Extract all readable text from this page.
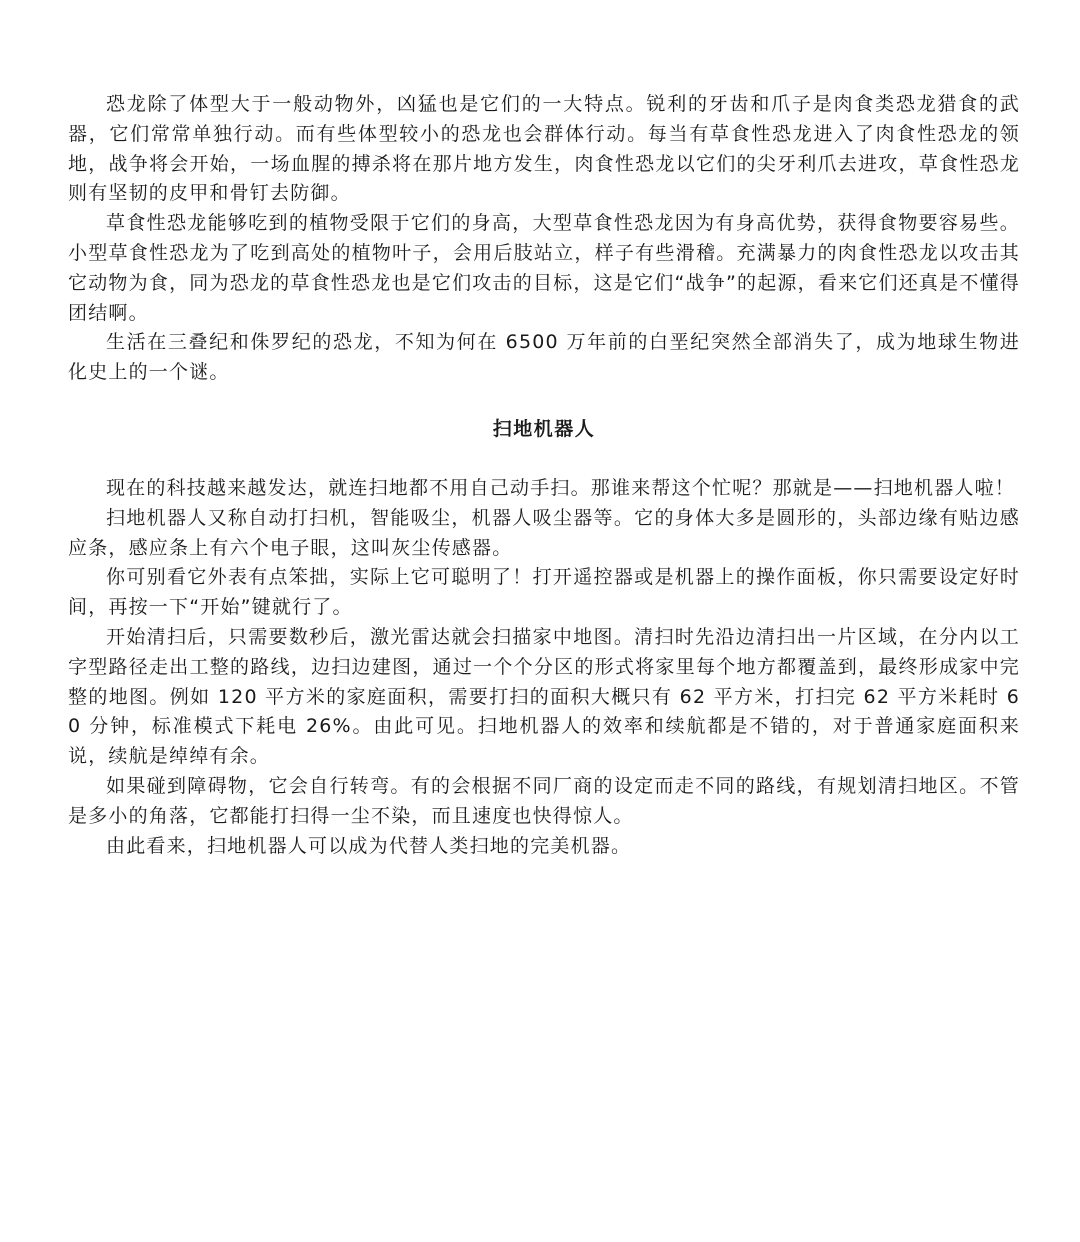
恐龙除了体型大于一般动物外，凶猛也是它们的一大特点。锐利的牙齿和爪子是肉食类恐龙猎食的武器，它们常常单独行动。而有些体型较小的恐龙也会群体行动。每当有草食性恐龙进入了肉食性恐龙的领地，战争将会开始，一场血腥的搏杀将在那片地方发生，肉食性恐龙以它们的尖牙利爪去进攻，草食性恐龙则有坚韧的皮甲和骨钉去防御。

草食性恐龙能够吃到的植物受限于它们的身高，大型草食性恐龙因为有身高优势，获得食物要容易些。小型草食性恐龙为了吃到高处的植物叶子，会用后肢站立，样子有些滑稽。充满暴力的肉食性恐龙以攻击其它动物为食，同为恐龙的草食性恐龙也是它们攻击的目标，这是它们“战争”的起源，看来它们还真是不懂得团结啊。

生活在三叠纪和侏罗纪的恐龙，不知为何在 6500 万年前的白垩纪突然全部消失了，成为地球生物进化史上的一个谜。

扫地机器人

现在的科技越来越发达，就连扫地都不用自己动手扫。那谁来帮这个忙呢？那就是——扫地机器人啦！

扫地机器人又称自动打扫机，智能吸尘，机器人吸尘器等。它的身体大多是圆形的，头部边缘有贴边感应条，感应条上有六个电子眼，这叫灰尘传感器。

你可别看它外表有点笨拙，实际上它可聪明了！打开遥控器或是机器上的操作面板，你只需要设定好时间，再按一下“开始”键就行了。

开始清扫后，只需要数秒后，激光雷达就会扫描家中地图。清扫时先沿边清扫出一片区域，在分内以工字型路径走出工整的路线，边扫边建图，通过一个个分区的形式将家里每个地方都覆盖到，最终形成家中完整的地图。例如 120 平方米的家庭面积，需要打扫的面积大概只有 62 平方米，打扫完 62 平方米耗时 60 分钟，标准模式下耗电 26%。由此可见。扫地机器人的效率和续航都是不错的，对于普通家庭面积来说，续航是绰绰有余。

如果碰到障碍物，它会自行转弯。有的会根据不同厂商的设定而走不同的路线，有规划清扫地区。不管是多小的角落，它都能打扫得一尘不染，而且速度也快得惊人。

由此看来，扫地机器人可以成为代替人类扫地的完美机器。
